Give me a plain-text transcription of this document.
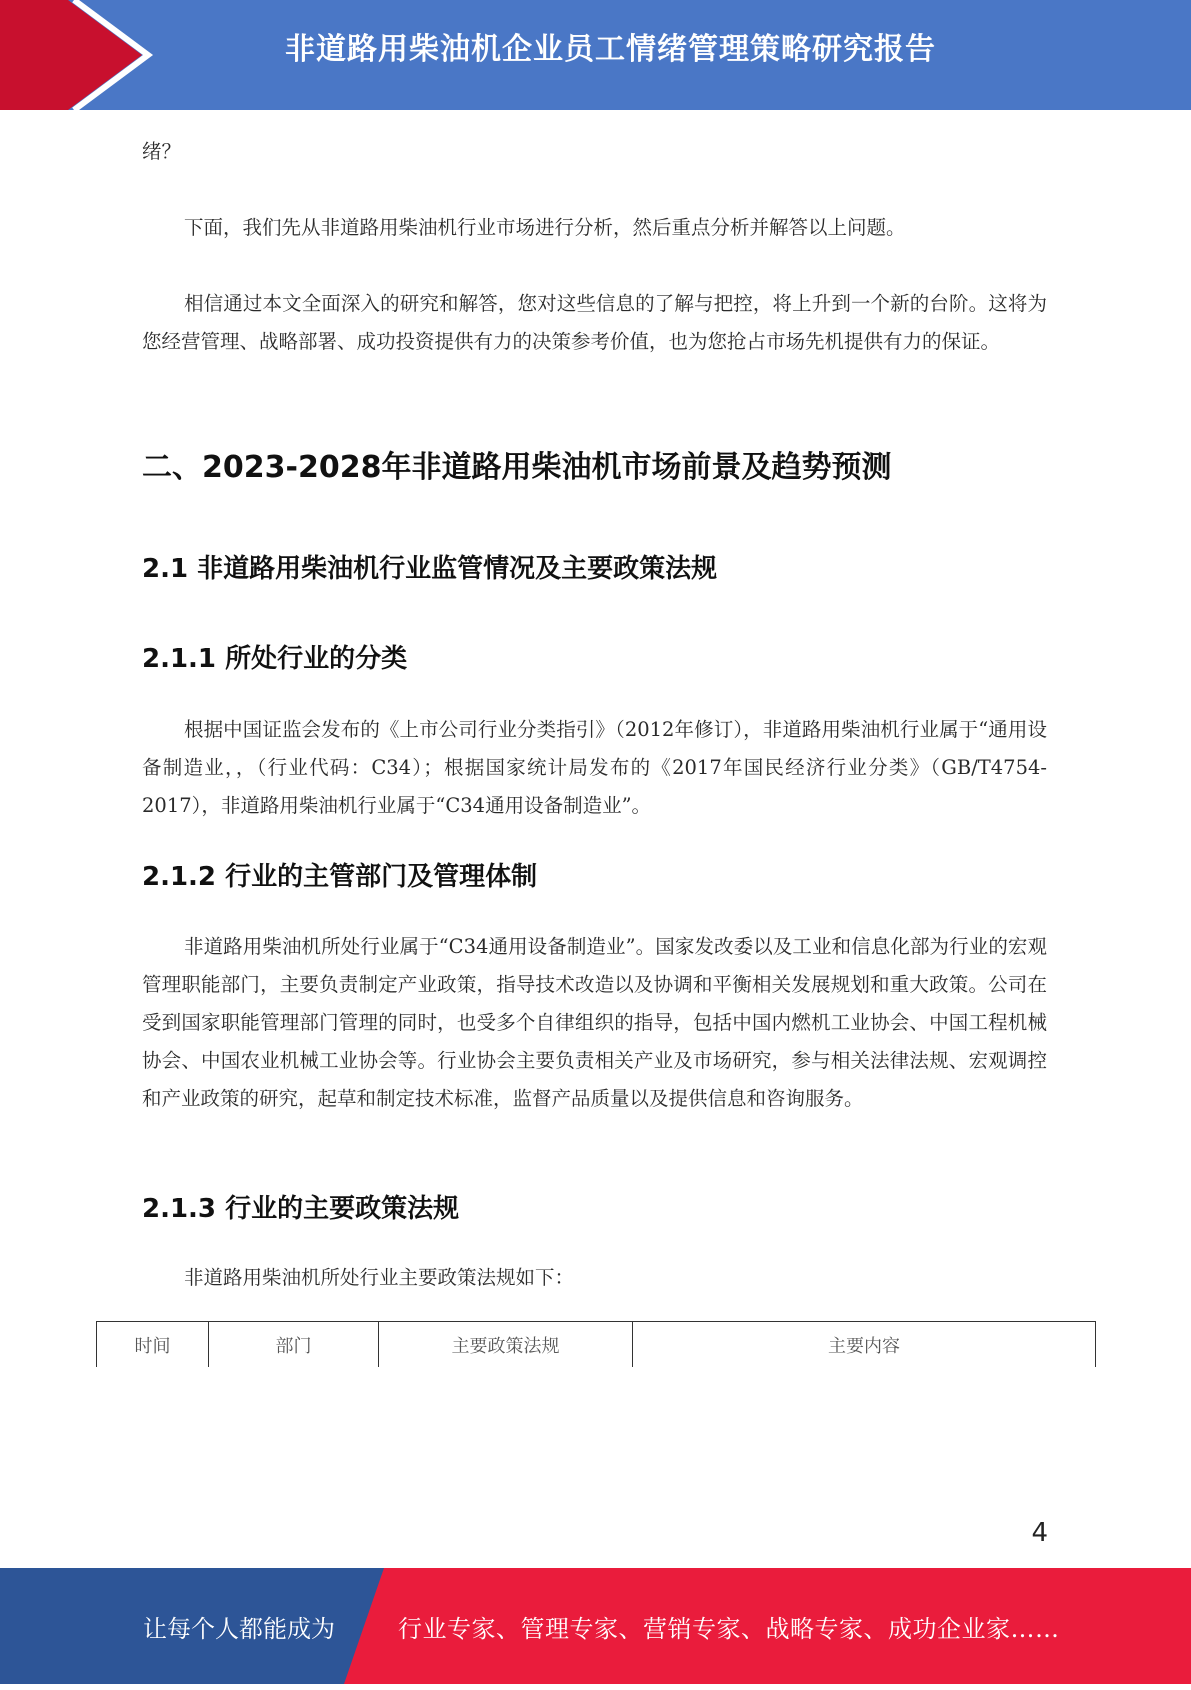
非道路用柴油机企业员工情绪管理策略研究报告

绪？

下面，我们先从非道路用柴油机行业市场进行分析，然后重点分析并解答以上问题。

相信通过本文全面深入的研究和解答，您对这些信息的了解与把控，将上升到一个新的台阶。这将为您经营管理、战略部署、成功投资提供有力的决策参考价值，也为您抢占市场先机提供有力的保证。

二、2023-2028年非道路用柴油机市场前景及趋势预测
2.1 非道路用柴油机行业监管情况及主要政策法规
2.1.1 所处行业的分类

根据中国证监会发布的《上市公司行业分类指引》（2012年修订），非道路用柴油机行业属于“通用设备制造业，，（行业代码：C34）；根据国家统计局发布的《2017年国民经济行业分类》（GB/T4754-2017），非道路用柴油机行业属于“C34通用设备制造业”。

2.1.2 行业的主管部门及管理体制

非道路用柴油机所处行业属于“C34通用设备制造业”。国家发改委以及工业和信息化部为行业的宏观管理职能部门，主要负责制定产业政策，指导技术改造以及协调和平衡相关发展规划和重大政策。公司在受到国家职能管理部门管理的同时，也受多个自律组织的指导，包括中国内燃机工业协会、中国工程机械协会、中国农业机械工业协会等。行业协会主要负责相关产业及市场研究，参与相关法律法规、宏观调控和产业政策的研究，起草和制定技术标准，监督产品质量以及提供信息和咨询服务。

2.1.3 行业的主要政策法规

非道路用柴油机所处行业主要政策法规如下：

时间	部门	主要政策法规	主要内容
4
让每个人都能成为	行业专家、管理专家、营销专家、战略专家、成功企业家……
